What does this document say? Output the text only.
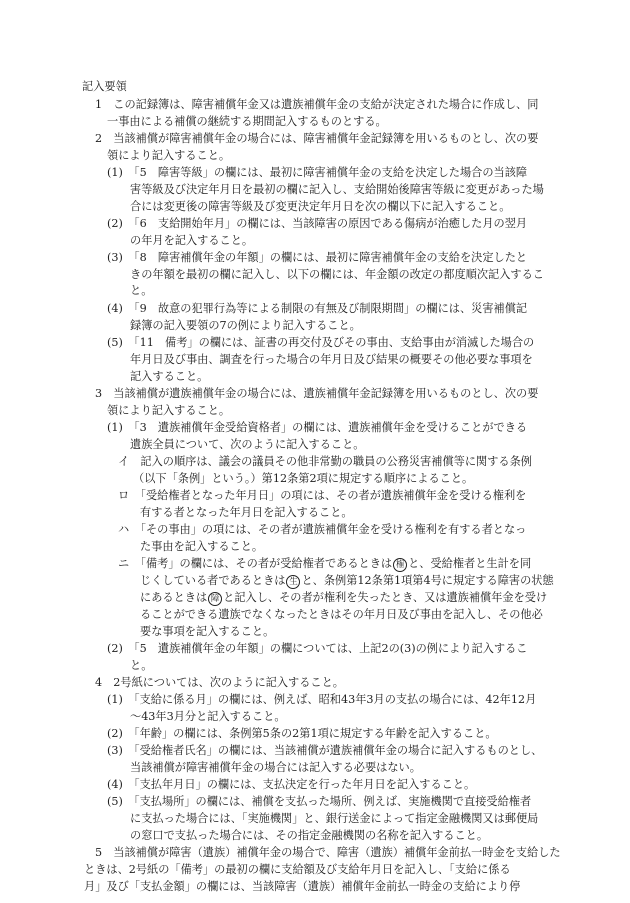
記入要領
1　この記録簿は、障害補償年金又は遺族補償年金の支給が決定された場合に作成し、同
一事由による補償の継続する期間記入するものとする。
2　当該補償が障害補償年金の場合には、障害補償年金記録簿を用いるものとし、次の要
領により記入すること。
(1)　「5　障害等級」の欄には、最初に障害補償年金の支給を決定した場合の当該障
害等級及び決定年月日を最初の欄に記入し、支給開始後障害等級に変更があった場
合には変更後の障害等級及び変更決定年月日を次の欄以下に記入すること。
(2)　「6　支給開始年月」の欄には、当該障害の原因である傷病が治癒した月の翌月
の年月を記入すること。
(3)　「8　障害補償年金の年額」の欄には、最初に障害補償年金の支給を決定したと
きの年額を最初の欄に記入し、以下の欄には、年金額の改定の都度順次記入するこ
と。
(4)　「9　故意の犯罪行為等による制限の有無及び制限期間」の欄には、災害補償記
録簿の記入要領の7の例により記入すること。
(5)　「11　備考」の欄には、証書の再交付及びその事由、支給事由が消滅した場合の
年月日及び事由、調査を行った場合の年月日及び結果の概要その他必要な事項を
記入すること。
3　当該補償が遺族補償年金の場合には、遺族補償年金記録簿を用いるものとし、次の要
領により記入すること。
(1)　「3　遺族補償年金受給資格者」の欄には、遺族補償年金を受けることができる
遺族全員について、次のように記入すること。
イ　記入の順序は、議会の議員その他非常勤の職員の公務災害補償等に関する条例
（以下「条例」という。）第12条第2項に規定する順序によること。
ロ　「受給権者となった年月日」の項には、その者が遺族補償年金を受ける権利を
有する者となった年月日を記入すること。
ハ　「その事由」の項には、その者が遺族補償年金を受ける権利を有する者となっ
た事由を記入すること。
ニ　「備考」の欄には、その者が受給権者であるときは 権 と、受給権者と生計を同
じくしている者であるときは 生 と、条例第12条第1項第4号に規定する障害の状態
にあるときは 障 と記入し、その者が権利を失ったとき、又は遺族補償年金を受け
ることができる遺族でなくなったときはその年月日及び事由を記入し、その他必
要な事項を記入すること。
(2)　「5　遺族補償年金の年額」の欄については、上記2の(3)の例により記入するこ
と。
4　2号紙については、次のように記入すること。
(1)　「支給に係る月」の欄には、例えば、昭和43年3月の支払の場合には、42年12月
～43年3月分と記入すること。
(2)　「年齢」の欄には、条例第5条の2第1項に規定する年齢を記入すること。
(3)　「受給権者氏名」の欄には、当該補償が遺族補償年金の場合に記入するものとし、
当該補償が障害補償年金の場合には記入する必要はない。
(4)　「支払年月日」の欄には、支払決定を行った年月日を記入すること。
(5)　「支払場所」の欄には、補償を支払った場所、例えば、実施機関で直接受給権者
に支払った場合には、「実施機関」と、銀行送金によって指定金融機関又は郵便局
の窓口で支払った場合には、その指定金融機関の名称を記入すること。
5　当該補償が障害（遺族）補償年金の場合で、障害（遺族）補償年金前払一時金を支給した
ときは、2号紙の「備考」の最初の欄に支給額及び支給年月日を記入し、「支給に係る
月」及び「支払金額」の欄には、当該障害（遺族）補償年金前払一時金の支給により停
